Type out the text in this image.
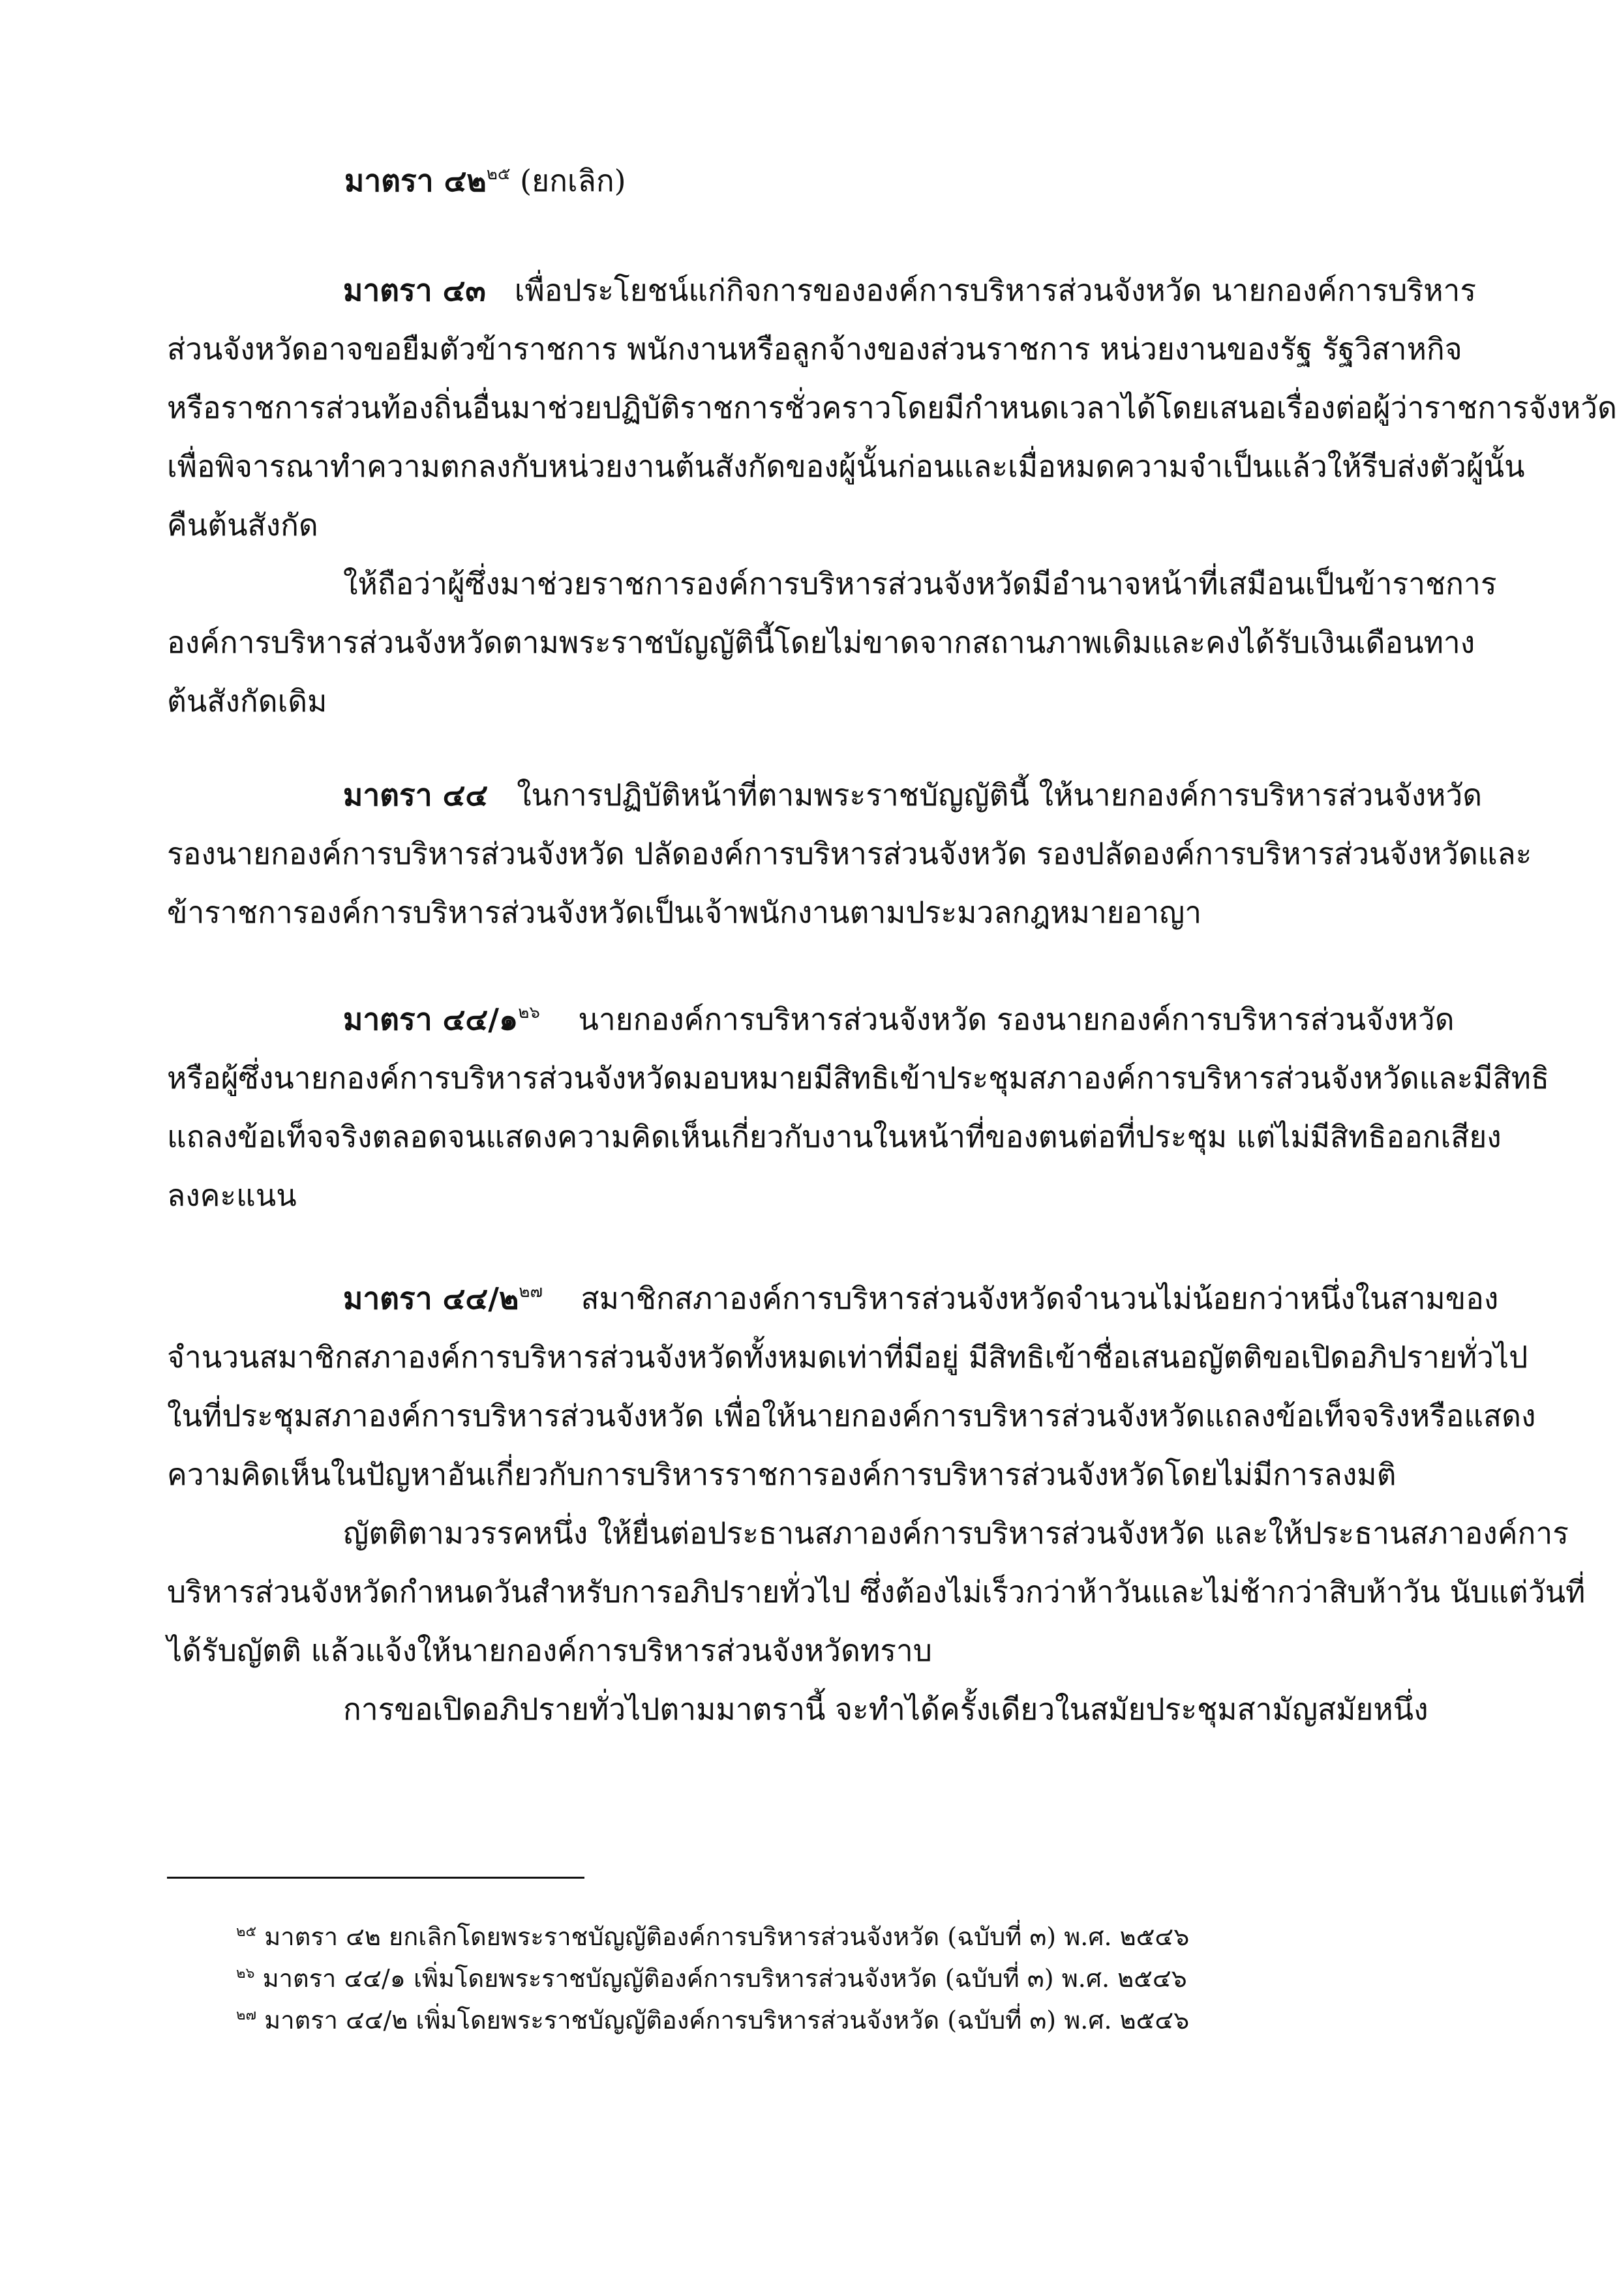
มาตรา ๔๒$^{๒๕}$ (ยกเลิก)
มาตรา ๔๓ เพื่อประโยชน์แก่กิจการขององค์การบริหารส่วนจังหวัด นายกองค์การบริหาร
ส่วนจังหวัดอาจขอยืมตัวข้าราชการ พนักงานหรือลูกจ้างของส่วนราชการ หน่วยงานของรัฐ รัฐวิสาหกิจ
หรือราชการส่วนท้องถิ่นอื่นมาช่วยปฏิบัติราชการชั่วคราวโดยมีกำหนดเวลาได้โดยเสนอเรื่องต่อผู้ว่าราชการจังหวัด
เพื่อพิจารณาทำความตกลงกับหน่วยงานต้นสังกัดของผู้นั้นก่อนและเมื่อหมดความจำเป็นแล้วให้รีบส่งตัวผู้นั้น
คืนต้นสังกัด
ให้ถือว่าผู้ซึ่งมาช่วยราชการองค์การบริหารส่วนจังหวัดมีอำนาจหน้าที่เสมือนเป็นข้าราชการ
องค์การบริหารส่วนจังหวัดตามพระราชบัญญัตินี้โดยไม่ขาดจากสถานภาพเดิมและคงได้รับเงินเดือนทาง
ต้นสังกัดเดิม
มาตรา ๔๔ ในการปฏิบัติหน้าที่ตามพระราชบัญญัตินี้ ให้นายกองค์การบริหารส่วนจังหวัด
รองนายกองค์การบริหารส่วนจังหวัด ปลัดองค์การบริหารส่วนจังหวัด รองปลัดองค์การบริหารส่วนจังหวัดและ
ข้าราชการองค์การบริหารส่วนจังหวัดเป็นเจ้าพนักงานตามประมวลกฎหมายอาญา
มาตรา ๔๔/๑$^{๒๖}$ นายกองค์การบริหารส่วนจังหวัด รองนายกองค์การบริหารส่วนจังหวัด
หรือผู้ซึ่งนายกองค์การบริหารส่วนจังหวัดมอบหมายมีสิทธิเข้าประชุมสภาองค์การบริหารส่วนจังหวัดและมีสิทธิ
แถลงข้อเท็จจริงตลอดจนแสดงความคิดเห็นเกี่ยวกับงานในหน้าที่ของตนต่อที่ประชุม แต่ไม่มีสิทธิออกเสียง
ลงคะแนน
มาตรา ๔๔/๒$^{๒๗}$ สมาชิกสภาองค์การบริหารส่วนจังหวัดจำนวนไม่น้อยกว่าหนึ่งในสามของ
จำนวนสมาชิกสภาองค์การบริหารส่วนจังหวัดทั้งหมดเท่าที่มีอยู่ มีสิทธิเข้าชื่อเสนอญัตติขอเปิดอภิปรายทั่วไป
ในที่ประชุมสภาองค์การบริหารส่วนจังหวัด เพื่อให้นายกองค์การบริหารส่วนจังหวัดแถลงข้อเท็จจริงหรือแสดง
ความคิดเห็นในปัญหาอันเกี่ยวกับการบริหารราชการองค์การบริหารส่วนจังหวัดโดยไม่มีการลงมติ
ญัตติตามวรรคหนึ่ง ให้ยื่นต่อประธานสภาองค์การบริหารส่วนจังหวัด และให้ประธานสภาองค์การ
บริหารส่วนจังหวัดกำหนดวันสำหรับการอภิปรายทั่วไป ซึ่งต้องไม่เร็วกว่าห้าวันและไม่ช้ากว่าสิบห้าวัน นับแต่วันที่
ได้รับญัตติ แล้วแจ้งให้นายกองค์การบริหารส่วนจังหวัดทราบ
การขอเปิดอภิปรายทั่วไปตามมาตรานี้ จะทำได้ครั้งเดียวในสมัยประชุมสามัญสมัยหนึ่ง
$^{๒๕}$ มาตรา ๔๒ ยกเลิกโดยพระราชบัญญัติองค์การบริหารส่วนจังหวัด (ฉบับที่ ๓) พ.ศ. ๒๕๔๖
$^{๒๖}$ มาตรา ๔๔/๑ เพิ่มโดยพระราชบัญญัติองค์การบริหารส่วนจังหวัด (ฉบับที่ ๓) พ.ศ. ๒๕๔๖
$^{๒๗}$ มาตรา ๔๔/๒ เพิ่มโดยพระราชบัญญัติองค์การบริหารส่วนจังหวัด (ฉบับที่ ๓) พ.ศ. ๒๕๔๖
